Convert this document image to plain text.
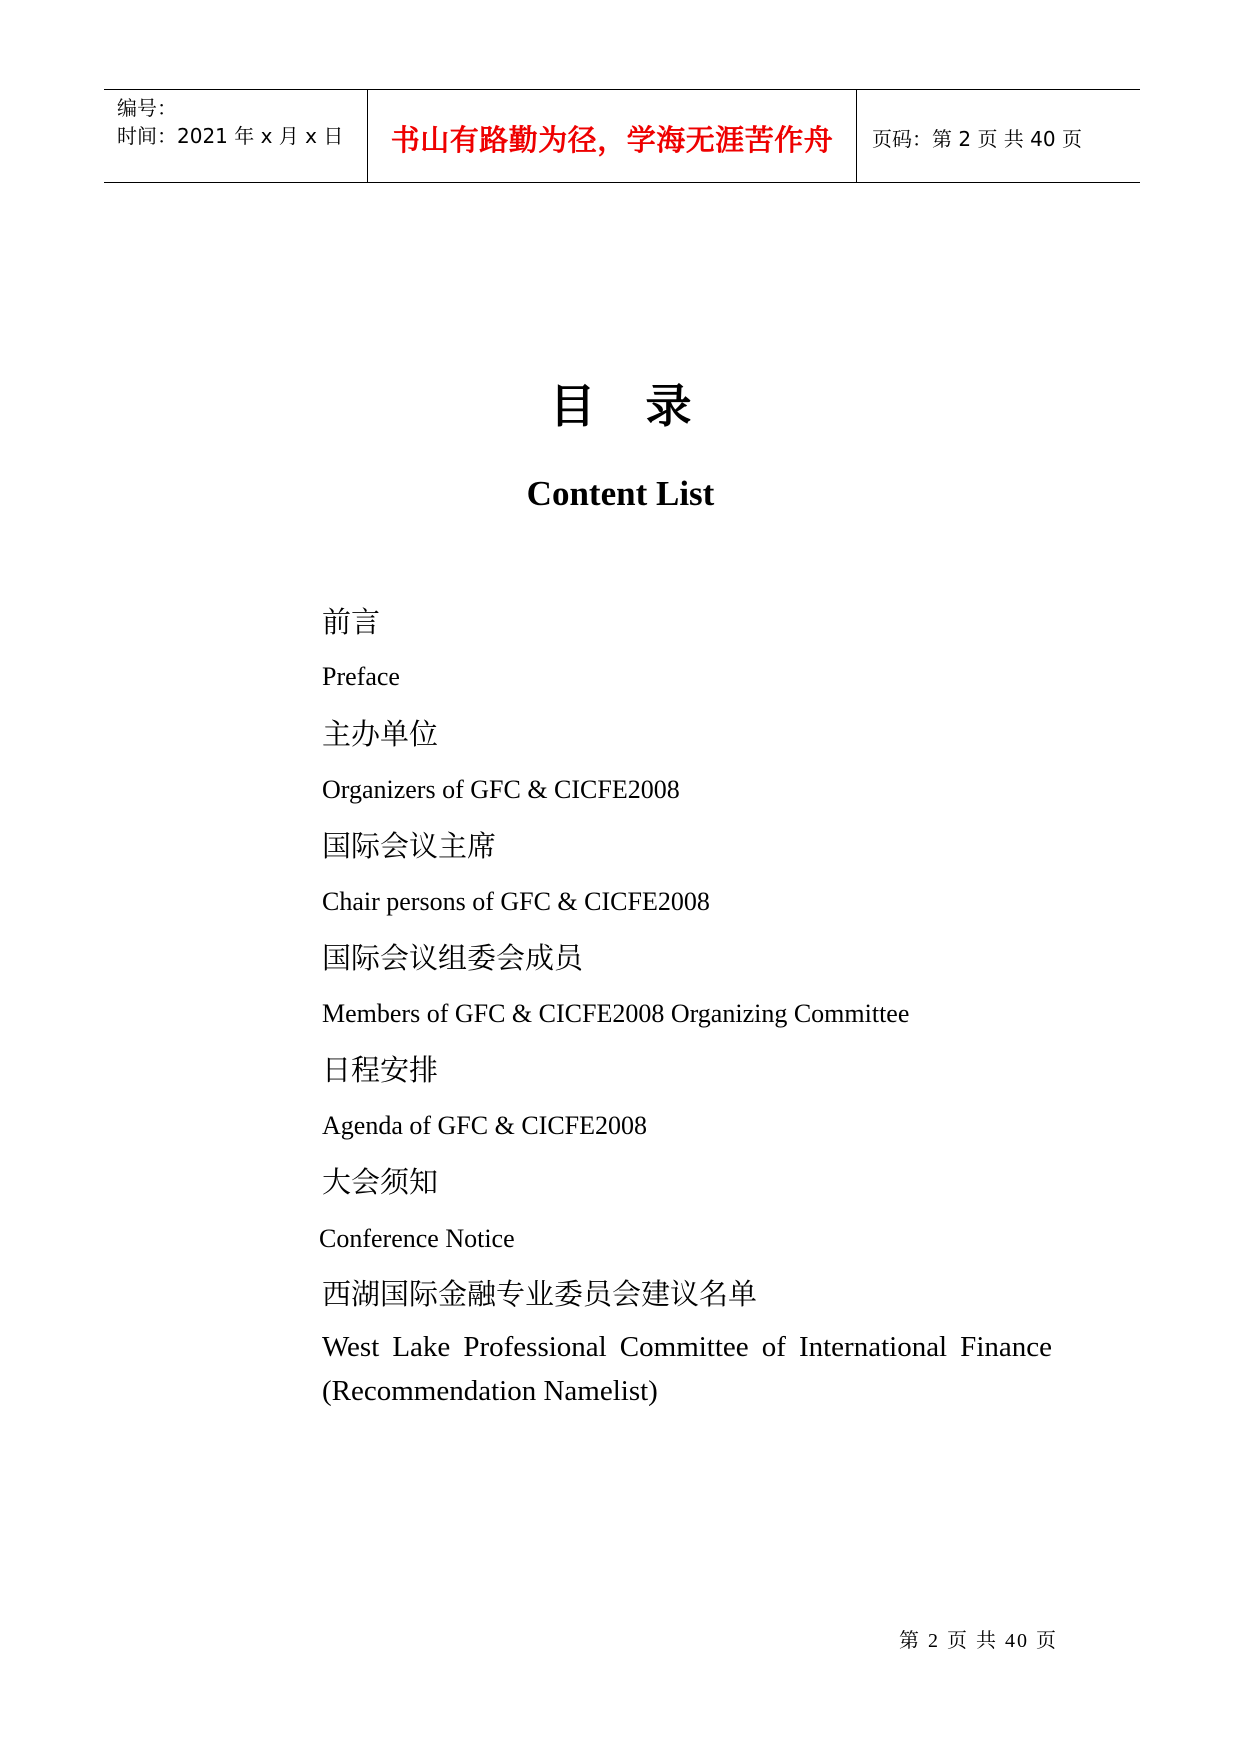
编号：
时间：2021 年 x 月 x 日	书山有路勤为径，学海无涯苦作舟	页码：第 2 页 共 40 页
目录
Content List
前言
Preface
主办单位
Organizers of GFC & CICFE2008
国际会议主席
Chair persons of GFC & CICFE2008
国际会议组委会成员
Members of GFC & CICFE2008 Organizing Committee
日程安排
Agenda of GFC & CICFE2008
大会须知
Conference Notice
西湖国际金融专业委员会建议名单
West Lake Professional Committee of International Finance (Recommendation Namelist)
第 2 页 共 40 页
